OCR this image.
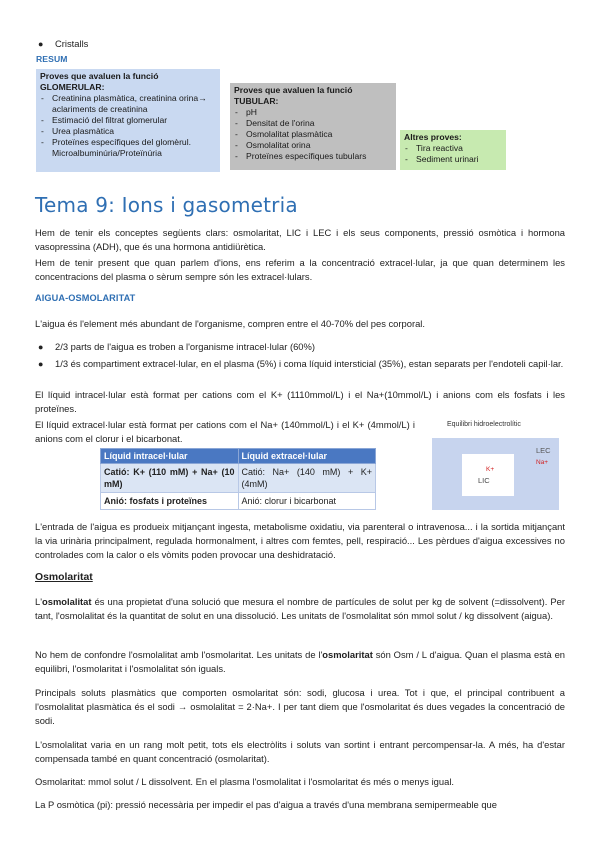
● Cristalls
RESUM
Proves que avaluen la funció
GLOMERULAR:
- Creatinina plasmàtica, creatinina orina→ aclariments de creatinina
- Estimació del filtrat glomerular
- Urea plasmàtica
- Proteïnes específiques del glomèrul. Microalbuminúria/Proteïnúria
Proves que avaluen la funció
TUBULAR:
- pH
- Densitat de l'orina
- Osmolalitat plasmàtica
- Osmolalitat orina
- Proteïnes específiques tubulars
Altres proves:
- Tira reactiva
- Sediment urinari
Tema 9: Ions i gasometria
Hem de tenir els conceptes següents clars: osmolaritat, LIC i LEC i els seus components, pressió osmòtica i hormona vasopressina (ADH), que és una hormona antidiürètica.
Hem de tenir present que quan parlem d'ions, ens referim a la concentració extracel·lular, ja que quan determinem les concentracions del plasma o sèrum sempre són les extracel·lulars.
AIGUA-OSMOLARITAT
L'aigua és l'element més abundant de l'organisme, compren entre el 40-70% del pes corporal.
● 2/3 parts de l'aigua es troben a l'organisme intracel·lular (60%)
● 1/3 és compartiment extracel·lular, en el plasma (5%) i coma líquid intersticial (35%), estan separats per l'endoteli capil·lar.
El líquid intracel·lular està format per cations com el K+ (1110mmol/L) i el Na+(10mmol/L) i anions com els fosfats i les proteïnes.
El líquid extracel·lular està format per cations com el Na+ (140mmol/L) i el K+ (4mmol/L) i anions com el clorur i el bicarbonat.
Líquid intracel·lular	Líquid extracel·lular
Catió: K+ (110 mM) + Na+ (10 mM)	Catió: Na+ (140 mM) + K+ (4mM)
Anió: fosfats i proteïnes	Anió: clorur i bicarbonat
Equilibri hidroelectrolític
LEC
Na+
K+
LIC
L'entrada de l'aigua es produeix mitjançant ingesta, metabolisme oxidatiu, via parenteral o intravenosa... i la sortida mitjançant la via urinària principalment, regulada hormonalment, i altres com femtes, pell, respiració... Les pèrdues d'aigua excessives no controlades com la calor o els vòmits poden provocar una deshidratació.
Osmolaritat
L'osmolalitat és una propietat d'una solució que mesura el nombre de partícules de solut per kg de solvent (=dissolvent). Per tant, l'osmolalitat és la quantitat de solut en una dissolució. Les unitats de l'osmolalitat són mmol solut / kg dissolvent (aigua).
No hem de confondre l'osmolalitat amb l'osmolaritat. Les unitats de l'osmolaritat són Osm / L d'aigua. Quan el plasma està en equilibri, l'osmolaritat i l'osmolalitat són iguals.
Principals soluts plasmàtics que comporten osmolaritat són: sodi, glucosa i urea. Tot i que, el principal contribuent a l'osmolalitat plasmàtica és el sodi → osmolalitat = 2·Na+. I per tant diem que l'osmolaritat és dues vegades la concentració de sodi.
L'osmolalitat varia en un rang molt petit, tots els electròlits i soluts van sortint i entrant percompensar-la. A més, ha d'estar compensada també en quant concentració (osmolaritat).
Osmolaritat: mmol solut / L dissolvent. En el plasma l'osmolalitat i l'osmolaritat és més o menys igual.
La P osmòtica (pi): pressió necessària per impedir el pas d'aigua a través d'una membrana semipermeable que
